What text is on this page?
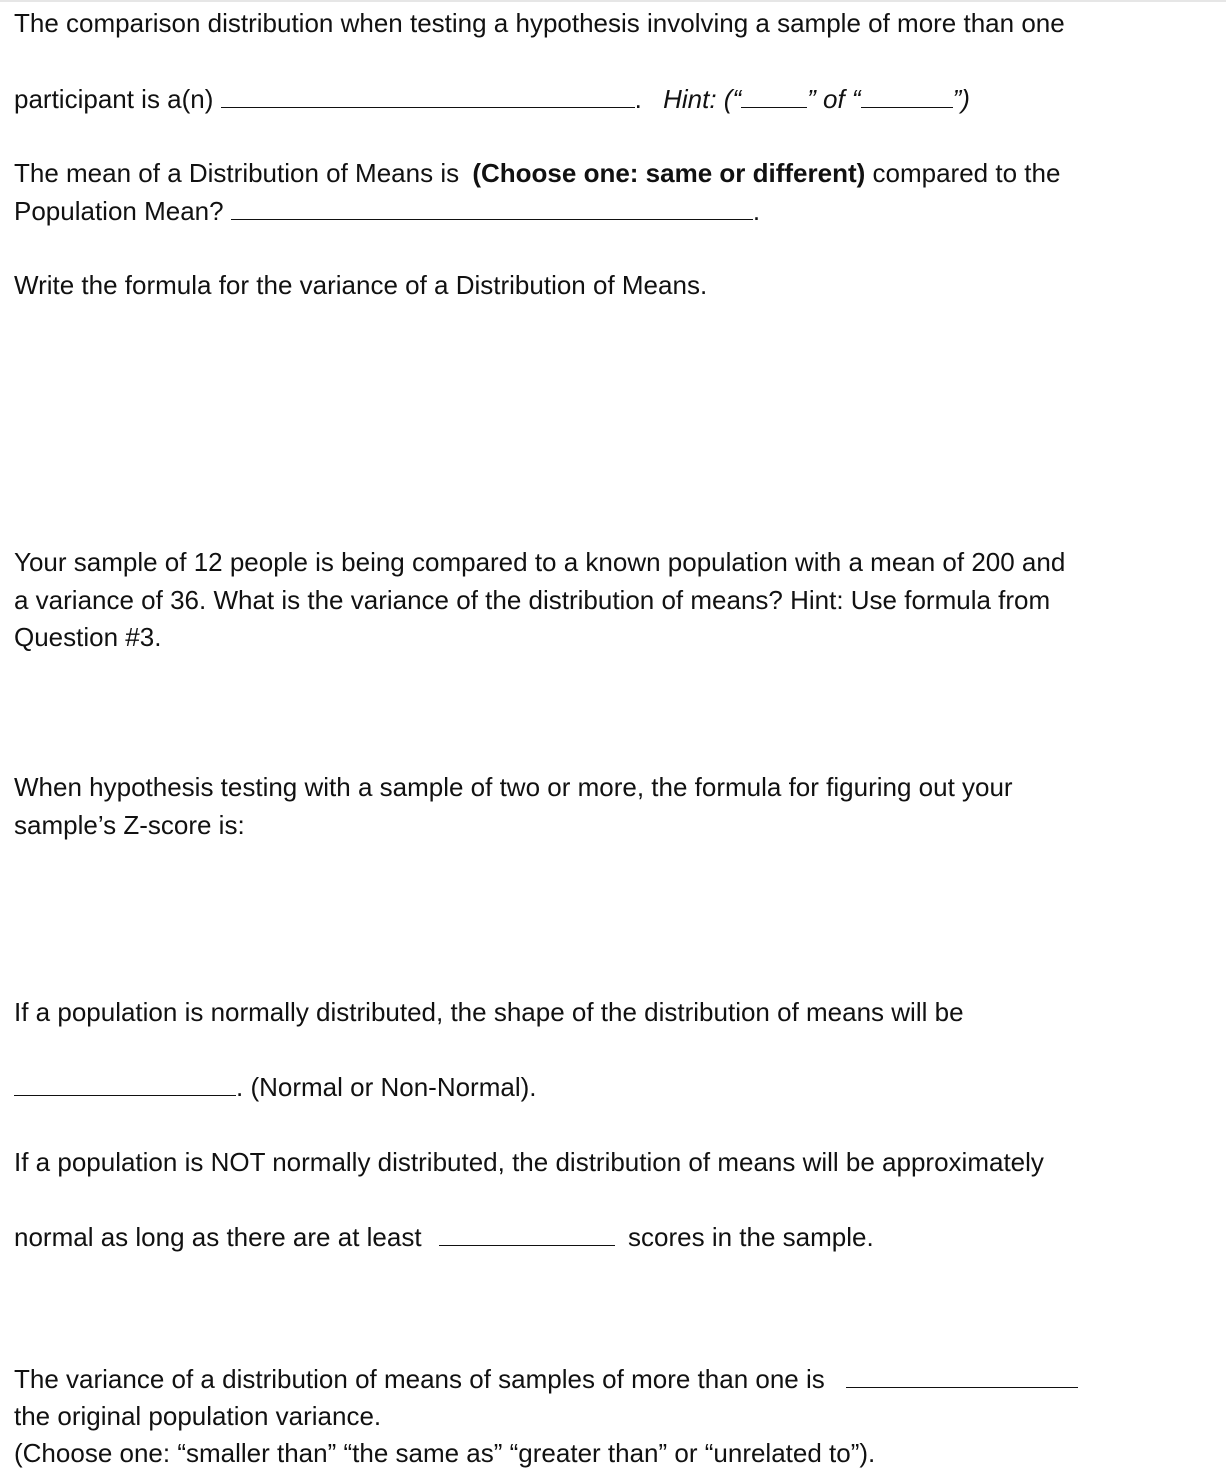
The comparison distribution when testing a hypothesis involving a sample of more than one
participant is a(n)	. Hint: (“	” of “	”)
The mean of a Distribution of Means is (Choose one: same or different) compared to the
Population Mean?	.
Write the formula for the variance of a Distribution of Means.
Your sample of 12 people is being compared to a known population with a mean of 200 and
a variance of 36. What is the variance of the distribution of means? Hint: Use formula from
Question #3.
When hypothesis testing with a sample of two or more, the formula for figuring out your
sample’s Z-score is:
If a population is normally distributed, the shape of the distribution of means will be
. (Normal or Non-Normal).
If a population is NOT normally distributed, the distribution of means will be approximately
normal as long as there are at least	scores in the sample.
The variance of a distribution of means of samples of more than one is
the original population variance.
(Choose one: “smaller than” “the same as” “greater than” or “unrelated to”).
